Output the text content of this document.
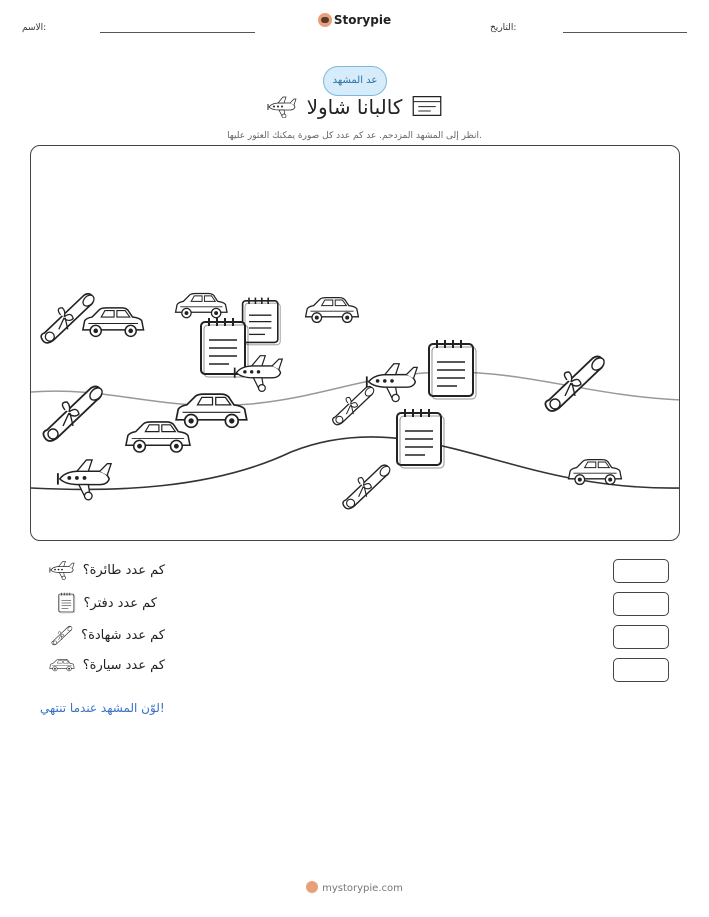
الاسم:
Storypie
التاريخ:
عد المشهد
كالبانا شاولا
انظر إلى المشهد المزدحم. عد كم عدد كل صورة يمكنك العثور عليها.
كم عدد طائرة؟
كم عدد دفتر؟
كم عدد شهادة؟
كم عدد سيارة؟
لوّن المشهد عندما تنتهي!
mystorypie.com
